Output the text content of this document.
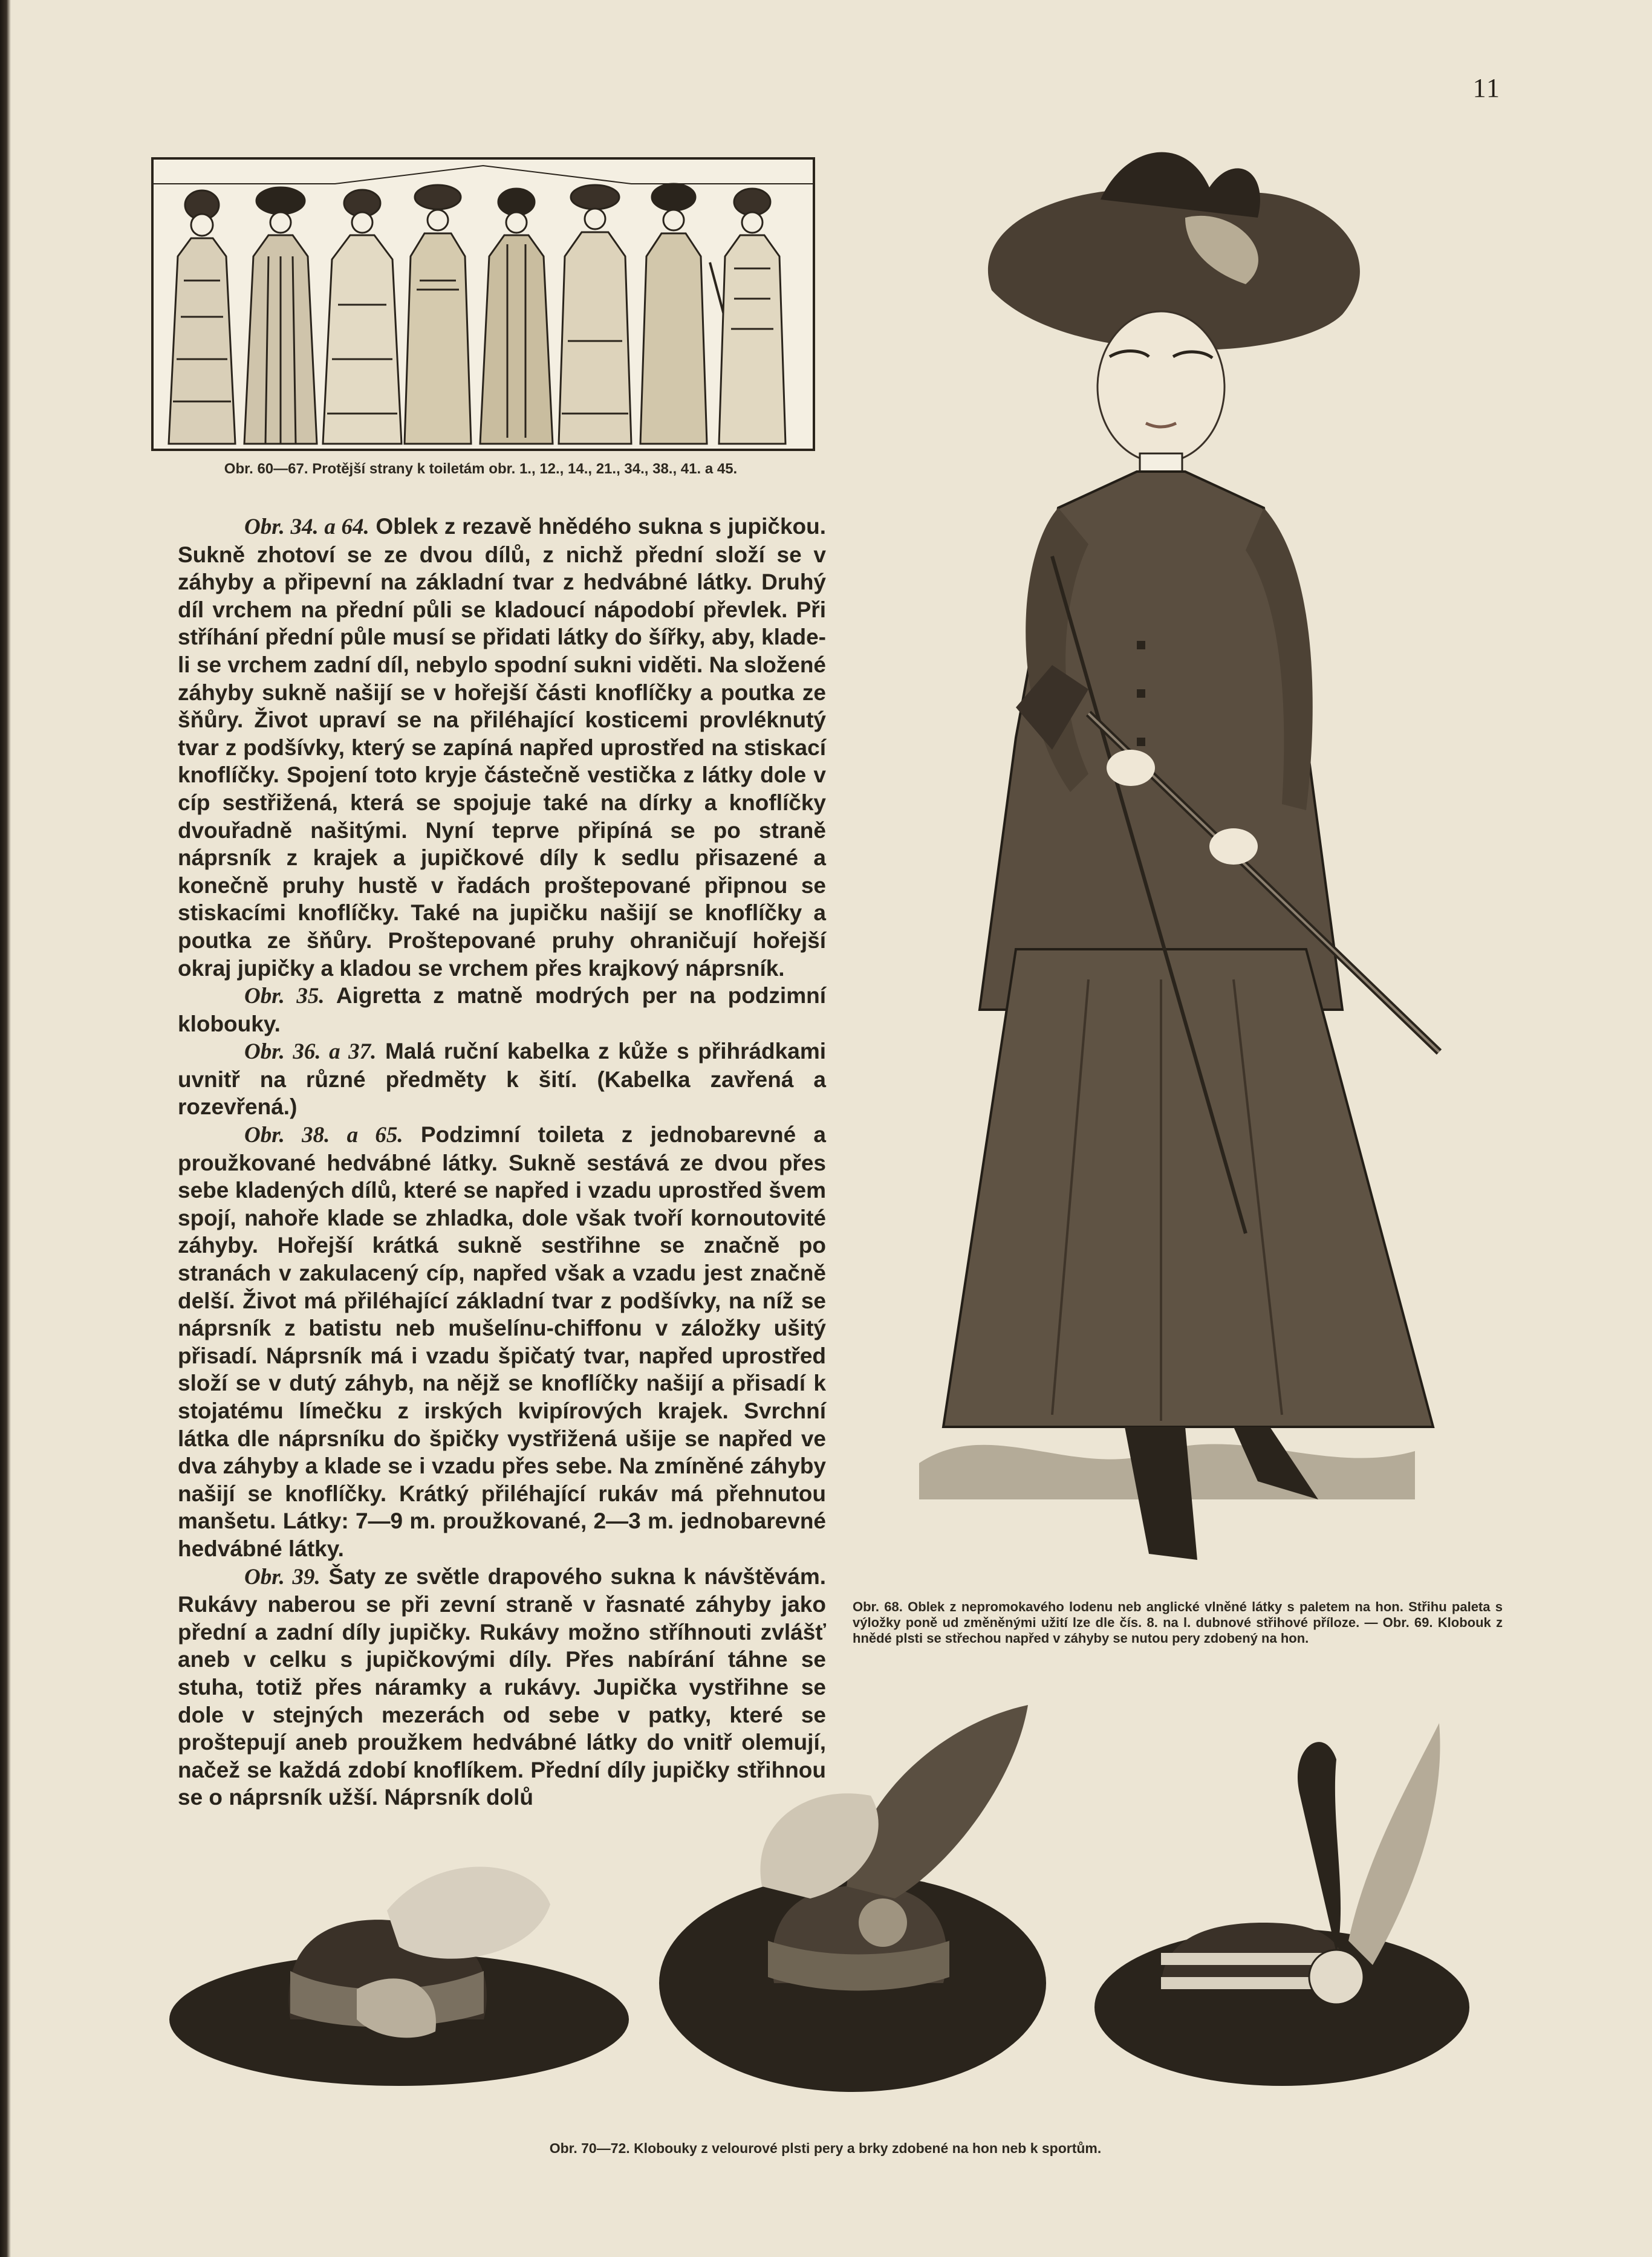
11
Obr. 60—67. Protější strany k toiletám obr. 1., 12., 14., 21., 34., 38., 41. a 45.

Obr. 34. a 64. Oblek z rezavě hnědého sukna s jupičkou. Sukně zhotoví se ze dvou dílů, z nichž přední složí se v záhyby a připevní na základní tvar z hedvábné látky. Druhý díl vrchem na přední půli se kladoucí nápodobí převlek. Při stříhání přední půle musí se přidati látky do šířky, aby, klade-li se vrchem zadní díl, nebylo spodní sukni viděti. Na složené záhyby sukně našijí se v hořejší části knoflíčky a poutka ze šňůry. Život upraví se na přiléhající kosticemi provléknutý tvar z podšívky, který se zapíná napřed uprostřed na stiskací knoflíčky. Spojení toto kryje částečně vestička z látky dole v cíp sestřižená, která se spojuje také na dírky a knoflíčky dvouřadně našitými. Nyní teprve připíná se po straně náprsník z krajek a jupičkové díly k sedlu přisazené a konečně pruhy hustě v řadách proštepované připnou se stiskacími knoflíčky. Také na jupičku našijí se knoflíčky a poutka ze šňůry. Proštepované pruhy ohraničují hořejší okraj jupičky a kladou se vrchem přes krajkový náprsník.

Obr. 35. Aigretta z matně modrých per na podzimní klobouky.

Obr. 36. a 37. Malá ruční kabelka z kůže s přihrádkami uvnitř na různé předměty k šití. (Kabelka zavřená a rozevřená.)

Obr. 38. a 65. Podzimní toileta z jednobarevné a proužkované hedvábné látky. Sukně sestává ze dvou přes sebe kladených dílů, které se napřed i vzadu uprostřed švem spojí, nahoře klade se zhladka, dole však tvoří kornoutovité záhyby. Hořejší krátká sukně sestřihne se značně po stranách v zakulacený cíp, napřed však a vzadu jest značně delší. Život má přiléhající základní tvar z podšívky, na níž se náprsník z batistu neb mušelínu-chiffonu v záložky ušitý přisadí. Náprsník má i vzadu špičatý tvar, napřed uprostřed složí se v dutý záhyb, na nějž se knoflíčky našijí a přisadí k stojatému límečku z irských kvipírových krajek. Svrchní látka dle náprsníku do špičky vystřižená ušije se napřed ve dva záhyby a klade se i vzadu přes sebe. Na zmíněné záhyby našijí se knoflíčky. Krátký přiléhající rukáv má přehnutou manšetu. Látky: 7—9 m. proužkované, 2—3 m. jednobarevné hedvábné látky.

Obr. 39. Šaty ze světle drapového sukna k návštěvám. Rukávy naberou se při zevní straně v řasnaté záhyby jako přední a zadní díly jupičky. Rukávy možno stříhnouti zvlášť aneb v celku s jupičkovými díly. Přes nabírání táhne se stuha, totiž přes náramky a rukávy. Jupička vystřihne se dole v stejných mezerách od sebe v patky, které se proštepují aneb proužkem hedvábné látky do vnitř olemují, načež se každá zdobí knoflíkem. Přední díly jupičky střihnou se o náprsník užší. Náprsník dolů

Obr. 68. Oblek z nepromokavého lodenu neb anglické vlněné látky s paletem na hon. Střihu paleta s výložky poně ud změněnými užití lze dle čís. 8. na l. dubnové střihové příloze. — Obr. 69. Klobouk z hnědé plsti se střechou napřed v záhyby se nutou pery zdobený na hon.
Obr. 70—72. Klobouky z velourové plsti pery a brky zdobené na hon neb k sportům.
